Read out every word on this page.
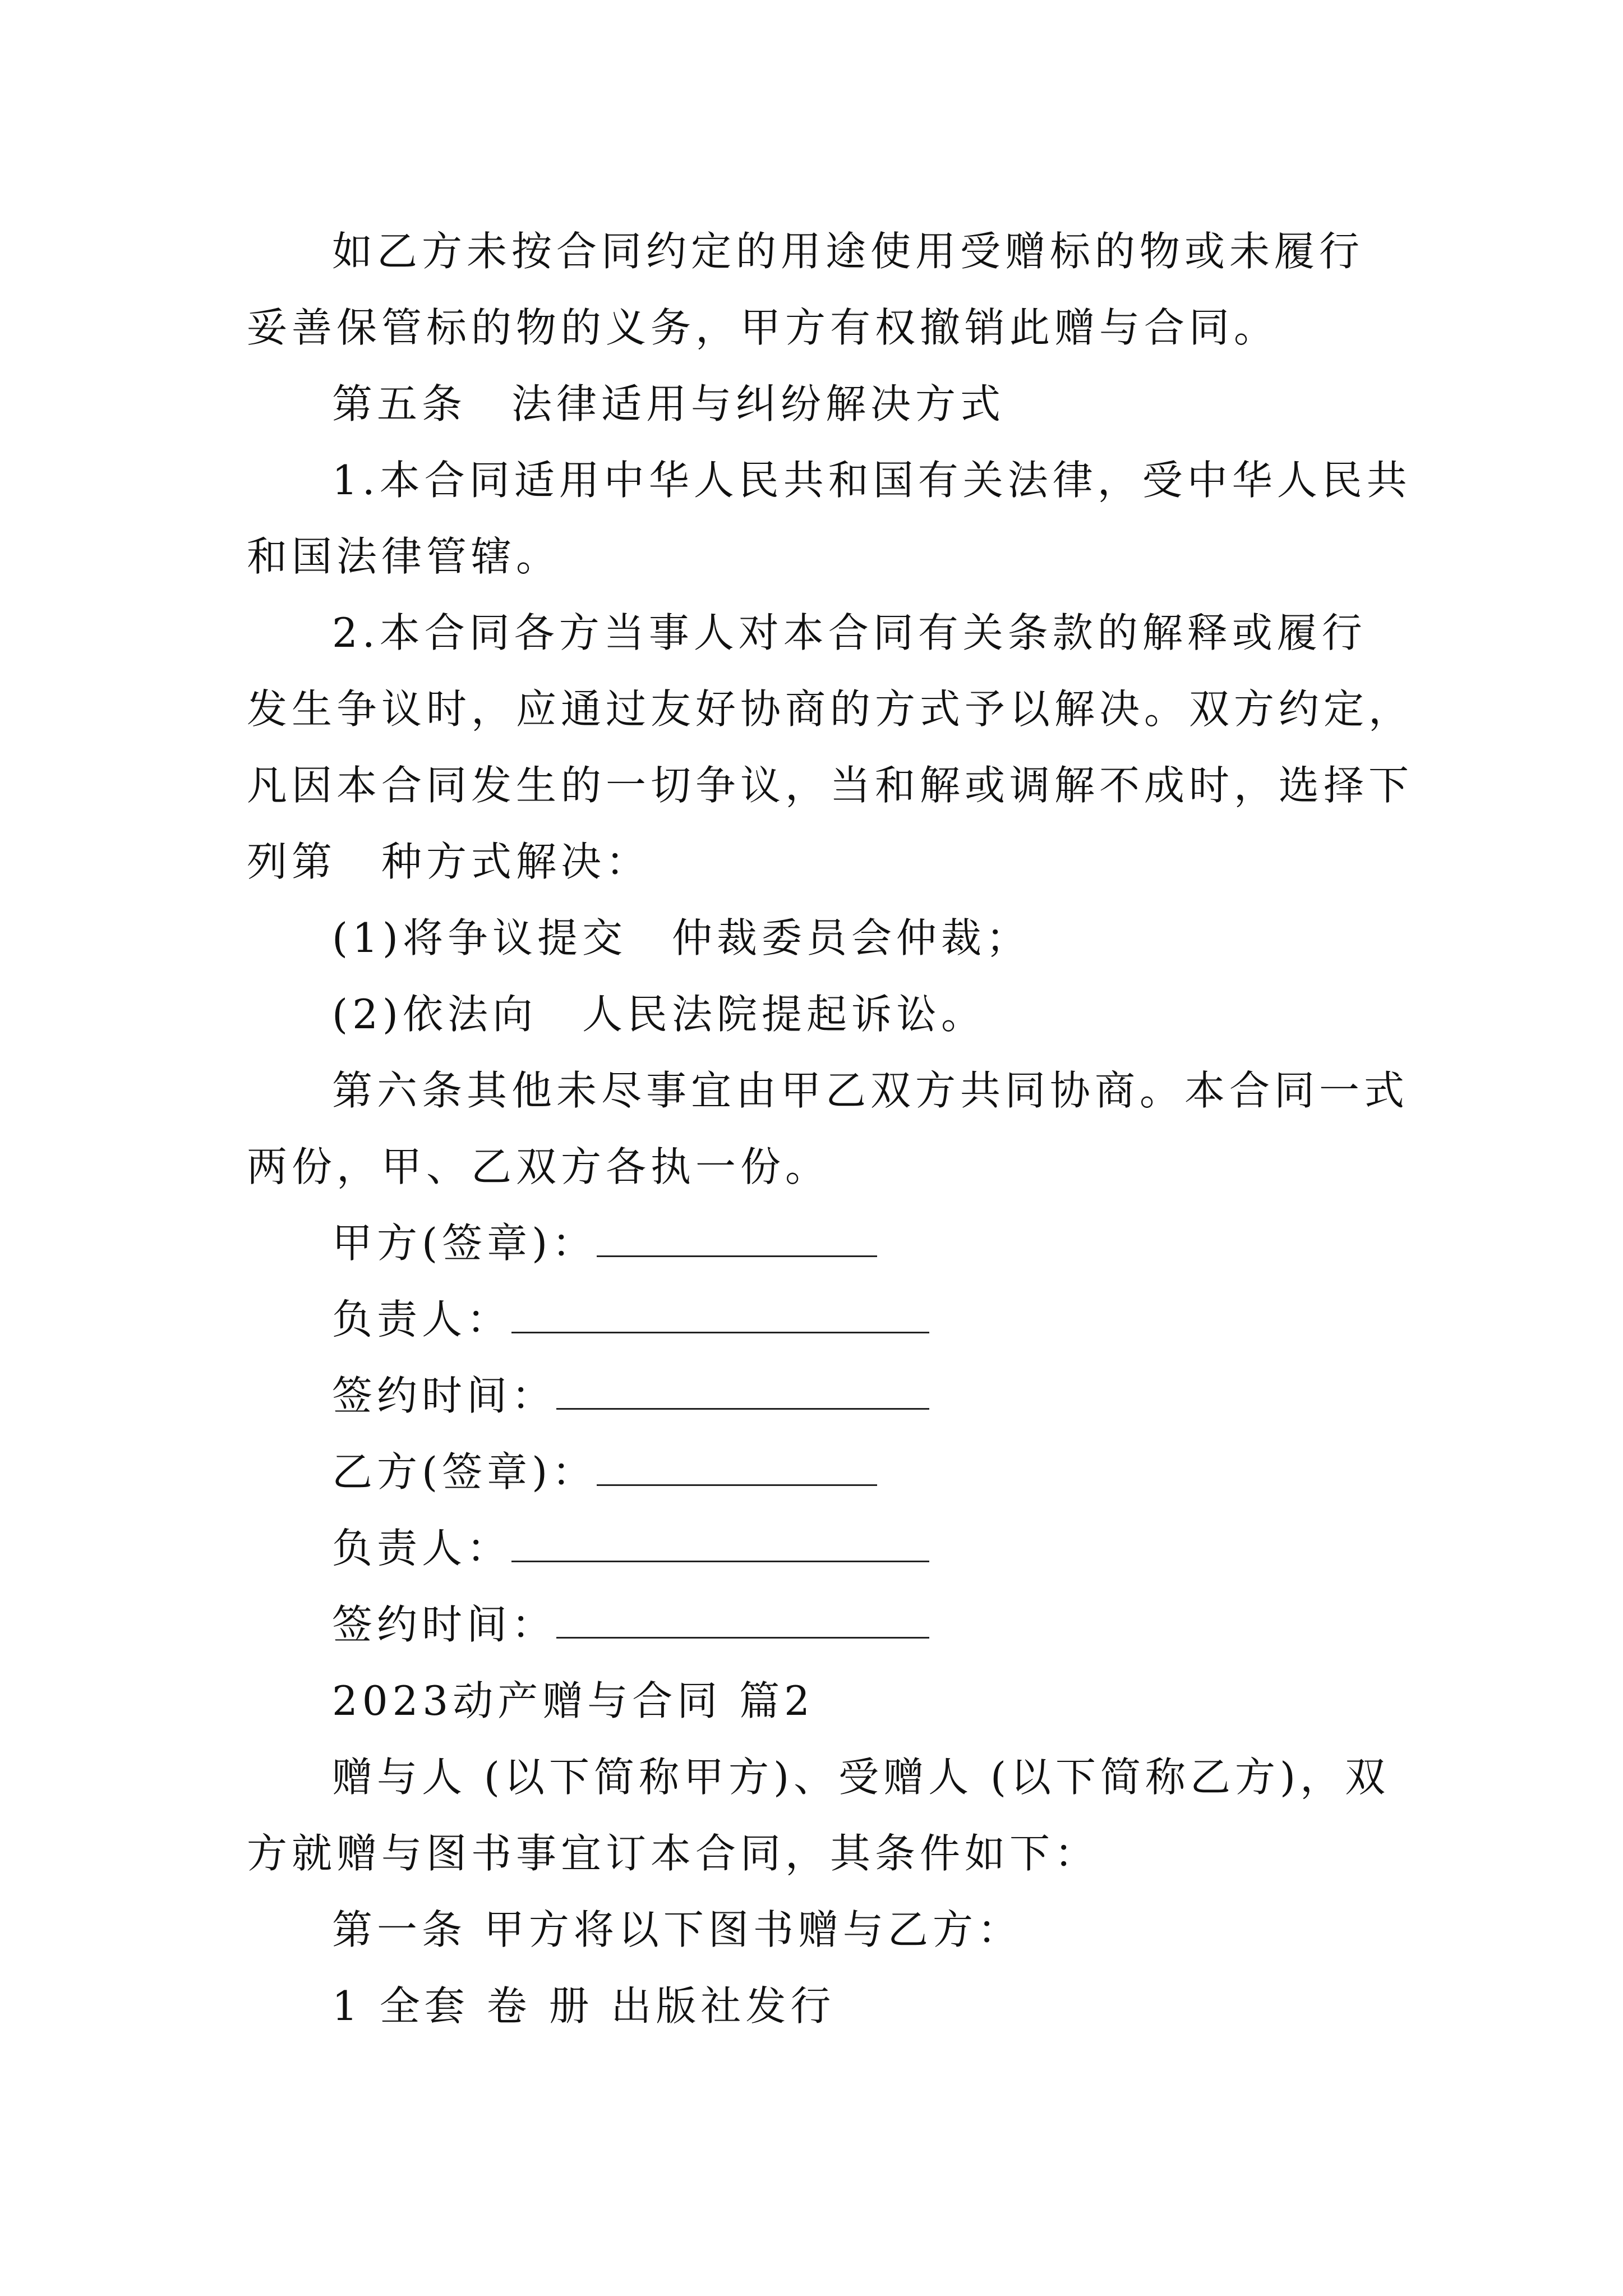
如乙方未按合同约定的用途使用受赠标的物或未履行

妥善保管标的物的义务，甲方有权撤销此赠与合同。

第五条　法律适用与纠纷解决方式

1.本合同适用中华人民共和国有关法律，受中华人民共

和国法律管辖。

2.本合同各方当事人对本合同有关条款的解释或履行

发生争议时，应通过友好协商的方式予以解决。双方约定，

凡因本合同发生的一切争议，当和解或调解不成时，选择下

列第　种方式解决：

(1)将争议提交　仲裁委员会仲裁；

(2)依法向　人民法院提起诉讼。

第六条其他未尽事宜由甲乙双方共同协商。本合同一式

两份，甲、乙双方各执一份。

甲方(签章)：

负责人：

签约时间：

乙方(签章)：

负责人：

签约时间：

2023动产赠与合同 篇2

赠与人 (以下简称甲方)、受赠人 (以下简称乙方)，双

方就赠与图书事宜订本合同，其条件如下：

第一条 甲方将以下图书赠与乙方：

1 全套 卷 册 出版社发行
